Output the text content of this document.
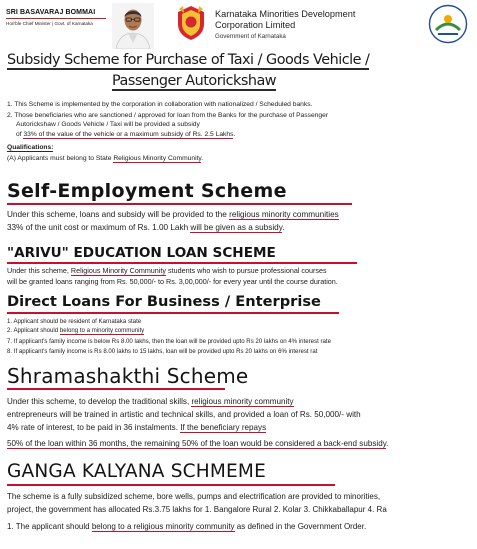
SRI BASAVARAJ BOMMAI
Hon'ble Chief Minister | Govt. of Karnataka
Karnataka Minorities Development
Corporation Limited
Government of Karnataka
Subsidy Scheme for Purchase of Taxi / Goods Vehicle /
Passenger Autorickshaw
1. This Scheme is implemented by the corporation in collaboration with nationalized / Scheduled banks.
2. Those beneficiaries who are sanctioned / approved for loan from the Banks for the purchase of Passenger
Autorickshaw / Goods Vehicle / Taxi will be provided a subsidy
of 33% of the value of the vehicle or a maximum subsidy of Rs. 2.5 Lakhs.
Qualifications:
(A) Applicants must belong to State Religious Minority Community.
Self-Employment Scheme
Under this scheme, loans and subsidy will be provided to the religious minority communities
33% of the unit cost or maximum of Rs. 1.00 Lakh will be given as a subsidy.
"ARIVU" EDUCATION LOAN SCHEME
Under this scheme, Religious Minority Community students who wish to pursue professional courses
will be granted loans ranging from Rs. 50,000/- to Rs. 3,00,000/- for every year until the course duration.
Direct Loans For Business / Enterprise
1. Applicant should be resident of Karnataka state
2. Applicant should belong to a minority community
7. If applicant's family income is below Rs 8.00 lakhs, then the loan will be provided upto Rs 20 lakhs on 4% interest rate
8. If applicant's family income is Rs 8.00 lakhs to 15 lakhs, loan will be provided upto Rs 20 lakhs on 6% interest rat
Shramashakthi Scheme
Under this scheme, to develop the traditional skills, religious minority community
entrepreneurs will be trained in artistic and technical skills, and provided a loan of Rs. 50,000/- with
4% rate of interest, to be paid in 36 instalments. If the beneficiary repays
50% of the loan within 36 months, the remaining 50% of the loan would be considered a back-end subsidy.
GANGA KALYANA SCHMEME
The scheme is a fully subsidized scheme, bore wells, pumps and electrification are provided to minorities,
project, the government has allocated Rs.3.75 lakhs for 1. Bangalore Rural 2. Kolar 3. Chikkaballapur 4. Ra
1. The applicant should belong to a religious minority community as defined in the Government Order.
